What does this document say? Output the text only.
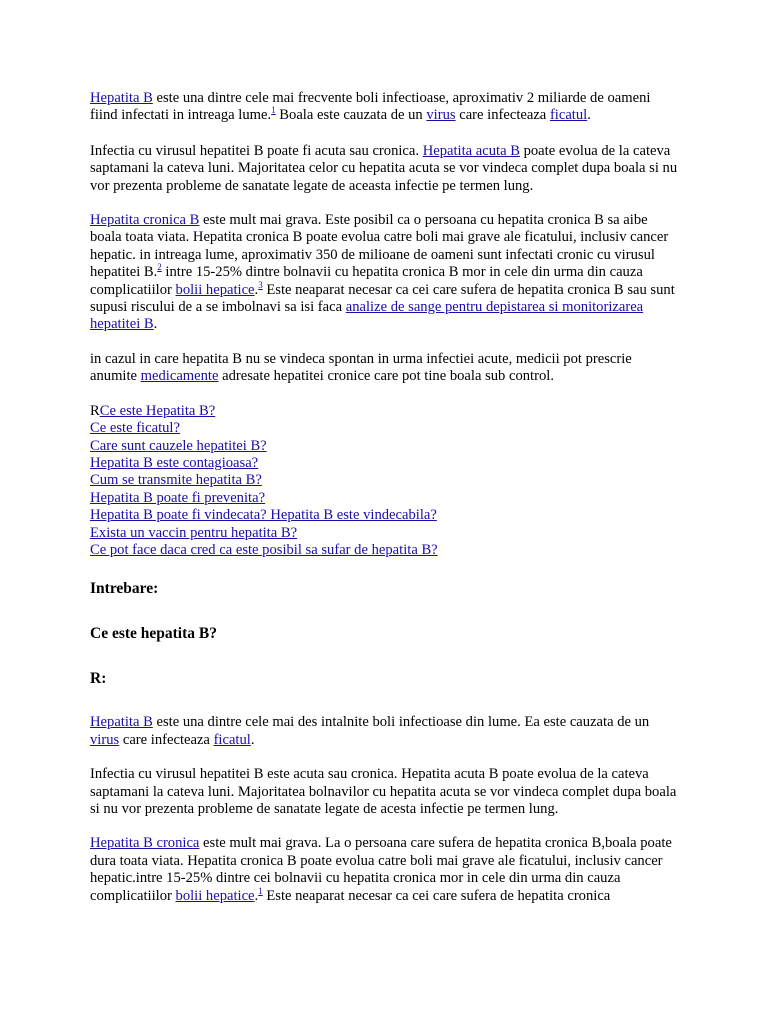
Hepatita B este una dintre cele mai frecvente boli infectioase, aproximativ 2 miliarde de oameni fiind infectati in intreaga lume.$^1$ Boala este cauzata de un virus care infecteaza ficatul.

Infectia cu virusul hepatitei B poate fi acuta sau cronica. Hepatita acuta B poate evolua de la cateva saptamani la cateva luni. Majoritatea celor cu hepatita acuta se vor vindeca complet dupa boala si nu vor prezenta probleme de sanatate legate de aceasta infectie pe termen lung.

Hepatita cronica B este mult mai grava. Este posibil ca o persoana cu hepatita cronica B sa aibe boala toata viata. Hepatita cronica B poate evolua catre boli mai grave ale ficatului, inclusiv cancer hepatic. in intreaga lume, aproximativ 350 de milioane de oameni sunt infectati cronic cu virusul hepatitei B.$^2$ intre 15-25% dintre bolnavii cu hepatita cronica B mor in cele din urma din cauza complicatiilor bolii hepatice.$^3$ Este neaparat necesar ca cei care sufera de hepatita cronica B sau sunt supusi riscului de a se imbolnavi sa isi faca analize de sange pentru depistarea si monitorizarea hepatitei B.

in cazul in care hepatita B nu se vindeca spontan in urma infectiei acute, medicii pot prescrie anumite medicamente adresate hepatitei cronice care pot tine boala sub control.

RCe este Hepatita B?
Ce este ficatul?
Care sunt cauzele hepatitei B?
Hepatita B este contagioasa?
Cum se transmite hepatita B?
Hepatita B poate fi prevenita?
Hepatita B poate fi vindecata? Hepatita B este vindecabila?
Exista un vaccin pentru hepatita B?
Ce pot face daca cred ca este posibil sa sufar de hepatita B?
Intrebare:
Ce este hepatita B?
R:

Hepatita B este una dintre cele mai des intalnite boli infectioase din lume. Ea este cauzata de un virus care infecteaza ficatul.

Infectia cu virusul hepatitei B este acuta sau cronica. Hepatita acuta B poate evolua de la cateva saptamani la cateva luni. Majoritatea bolnavilor cu hepatita acuta se vor vindeca complet dupa boala si nu vor prezenta probleme de sanatate legate de acesta infectie pe termen lung.

Hepatita B cronica este mult mai grava. La o persoana care sufera de hepatita cronica B,boala poate dura toata viata. Hepatita cronica B poate evolua catre boli mai grave ale ficatului, inclusiv cancer hepatic.intre 15-25% dintre cei bolnavii cu hepatita cronica mor in cele din urma din cauza complicatiilor bolii hepatice.$^1$ Este neaparat necesar ca cei care sufera de hepatita cronica
